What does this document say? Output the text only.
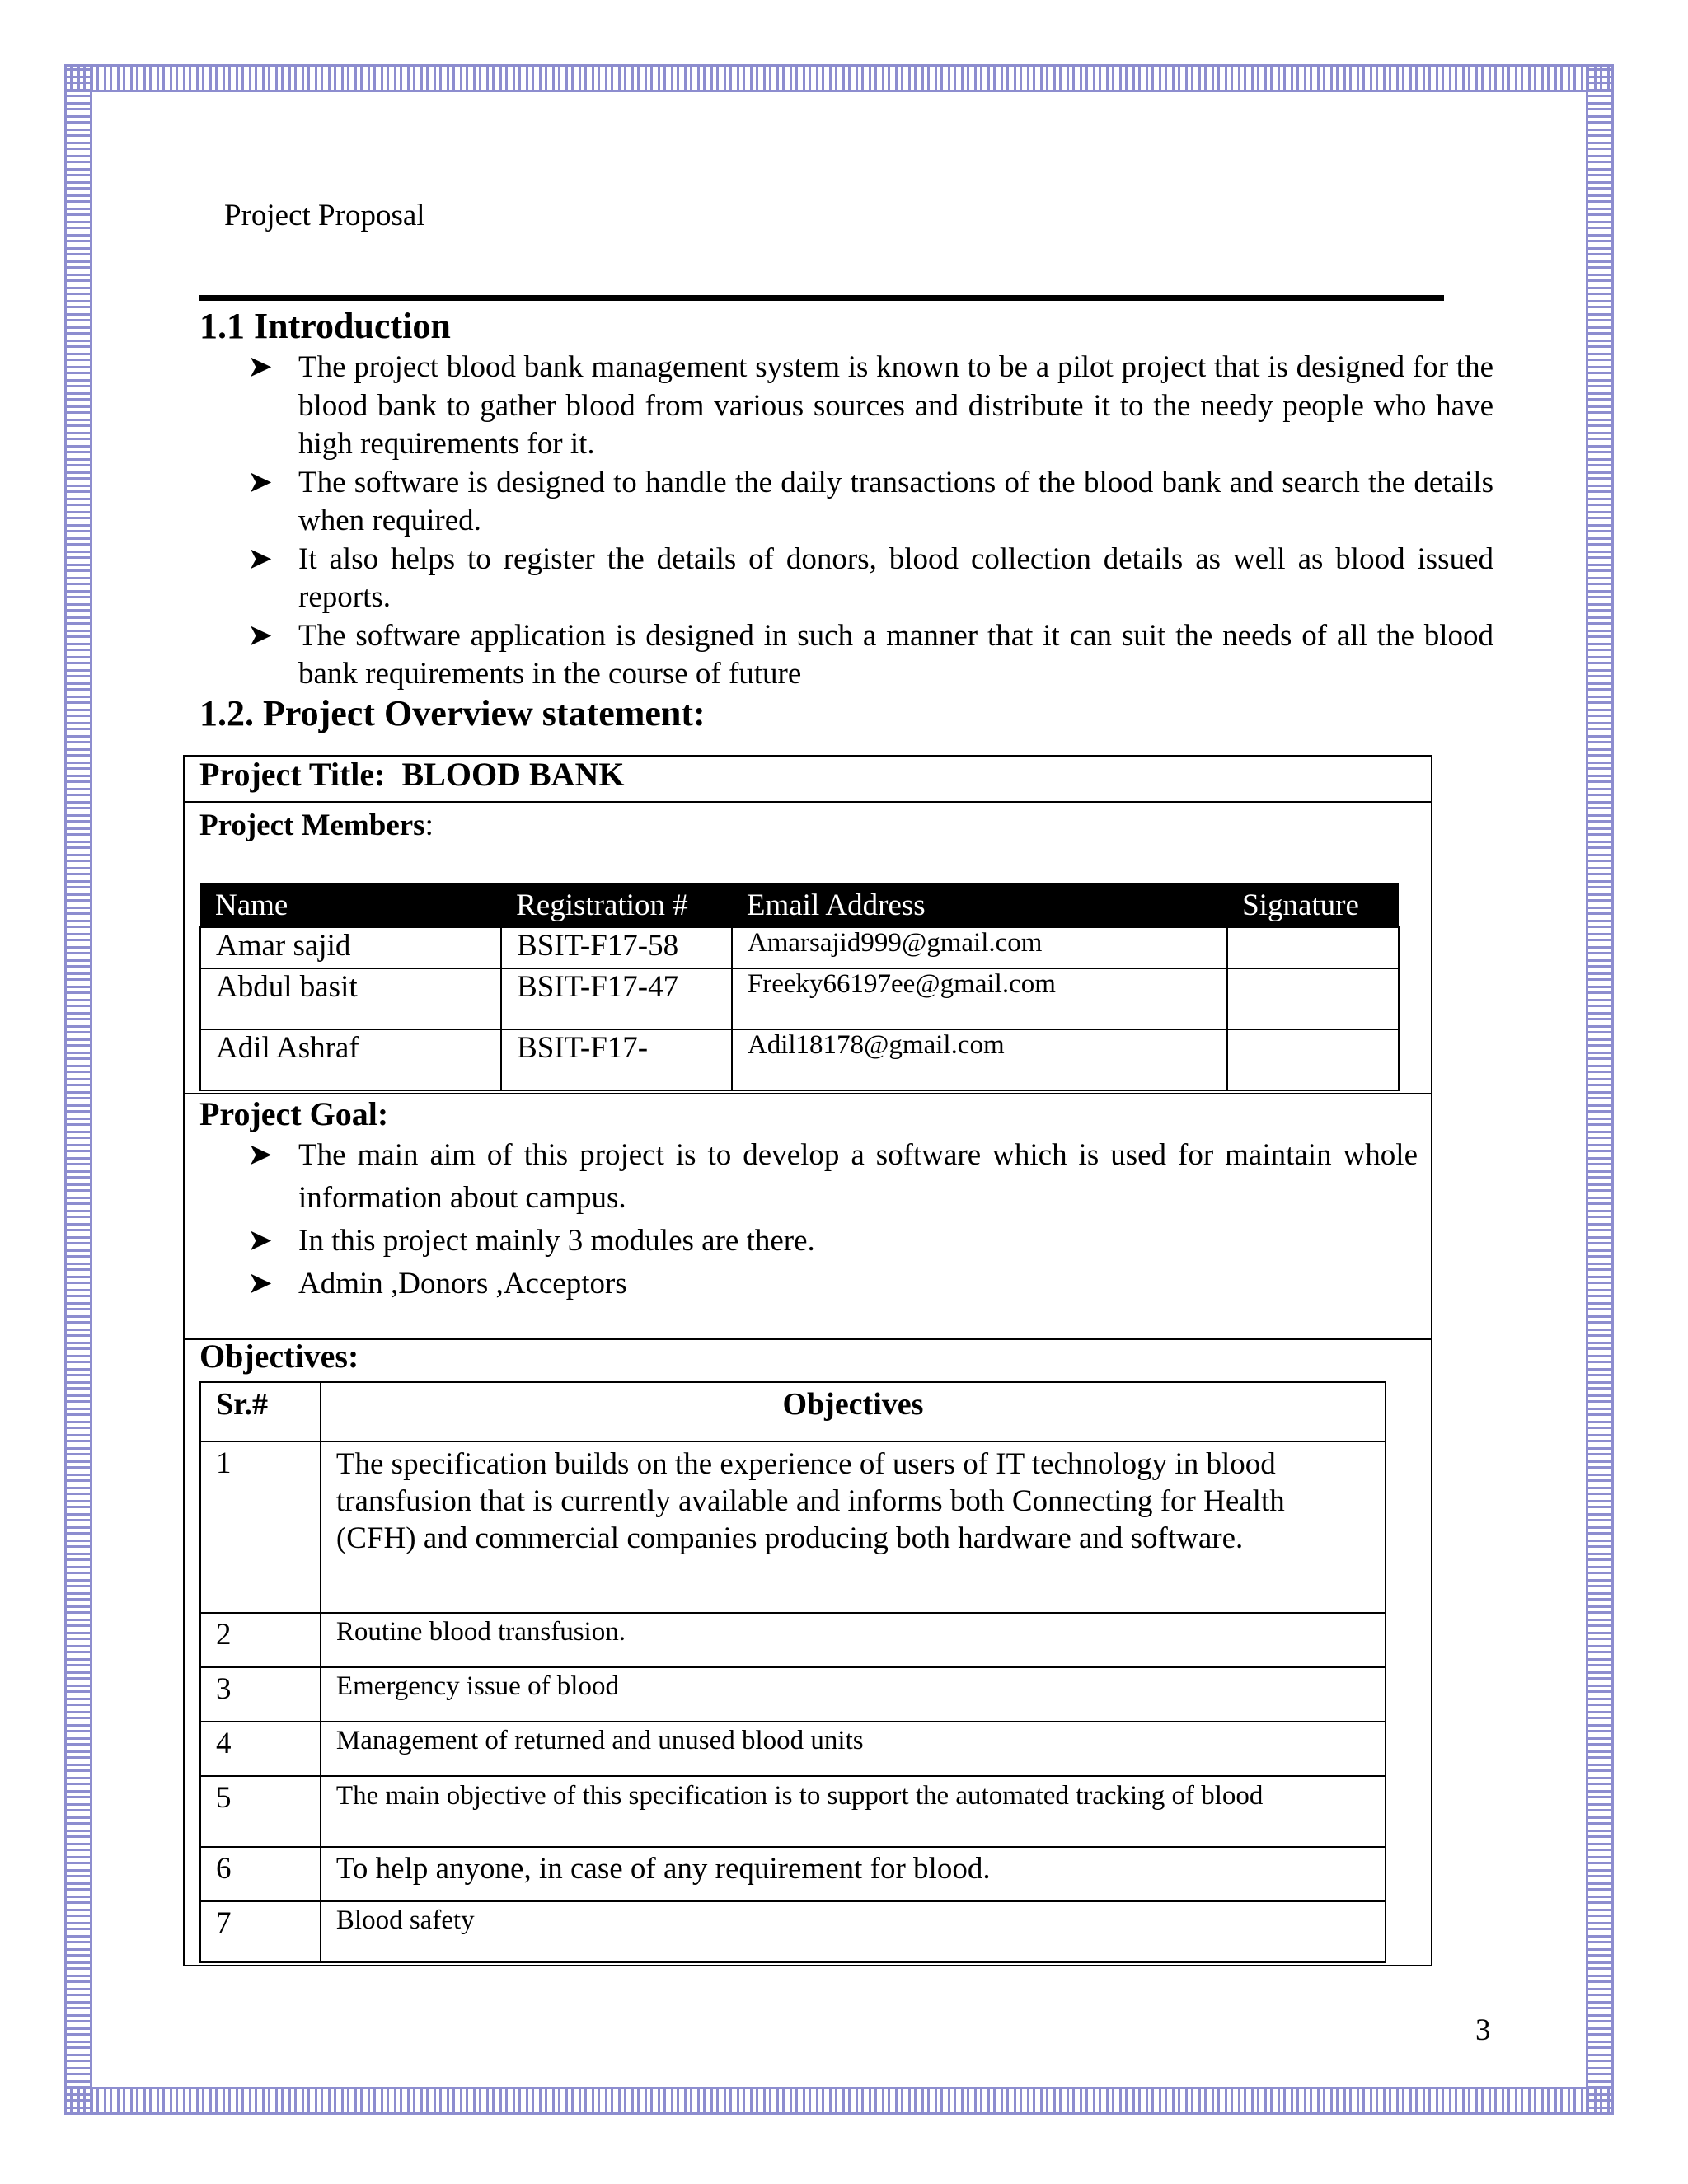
Project Proposal
1.1 Introduction
➤ The project blood bank management system is known to be a pilot project that is designed for the blood bank to gather blood from various sources and distribute it to the needy people who have high requirements for it.
➤ The software is designed to handle the daily transactions of the blood bank and search the details when required.
➤ It also helps to register the details of donors, blood collection details as well as blood issued reports.
➤ The software application is designed in such a manner that it can suit the needs of all the blood bank requirements in the course of future
1.2. Project Overview statement:
Project Title: BLOOD BANK
Project Members:
Name	Registration #	Email Address	Signature
Amar sajid	BSIT-F17-58	Amarsajid999@gmail.com	
Abdul basit	BSIT-F17-47	Freeky66197ee@gmail.com	
Adil Ashraf	BSIT-F17-	Adil18178@gmail.com	
Project Goal:
➤ The main aim of this project is to develop a software which is used for maintain whole information about campus.
➤ In this project mainly 3 modules are there.
➤ Admin ,Donors ,Acceptors
Objectives:
Sr.#	Objectives
1	The specification builds on the experience of users of IT technology in blood transfusion that is currently available and informs both Connecting for Health (CFH) and commercial companies producing both hardware and software.
2	Routine blood transfusion.
3	Emergency issue of blood
4	Management of returned and unused blood units
5	The main objective of this specification is to support the automated tracking of blood
6	To help anyone, in case of any requirement for blood.
7	Blood safety
3
